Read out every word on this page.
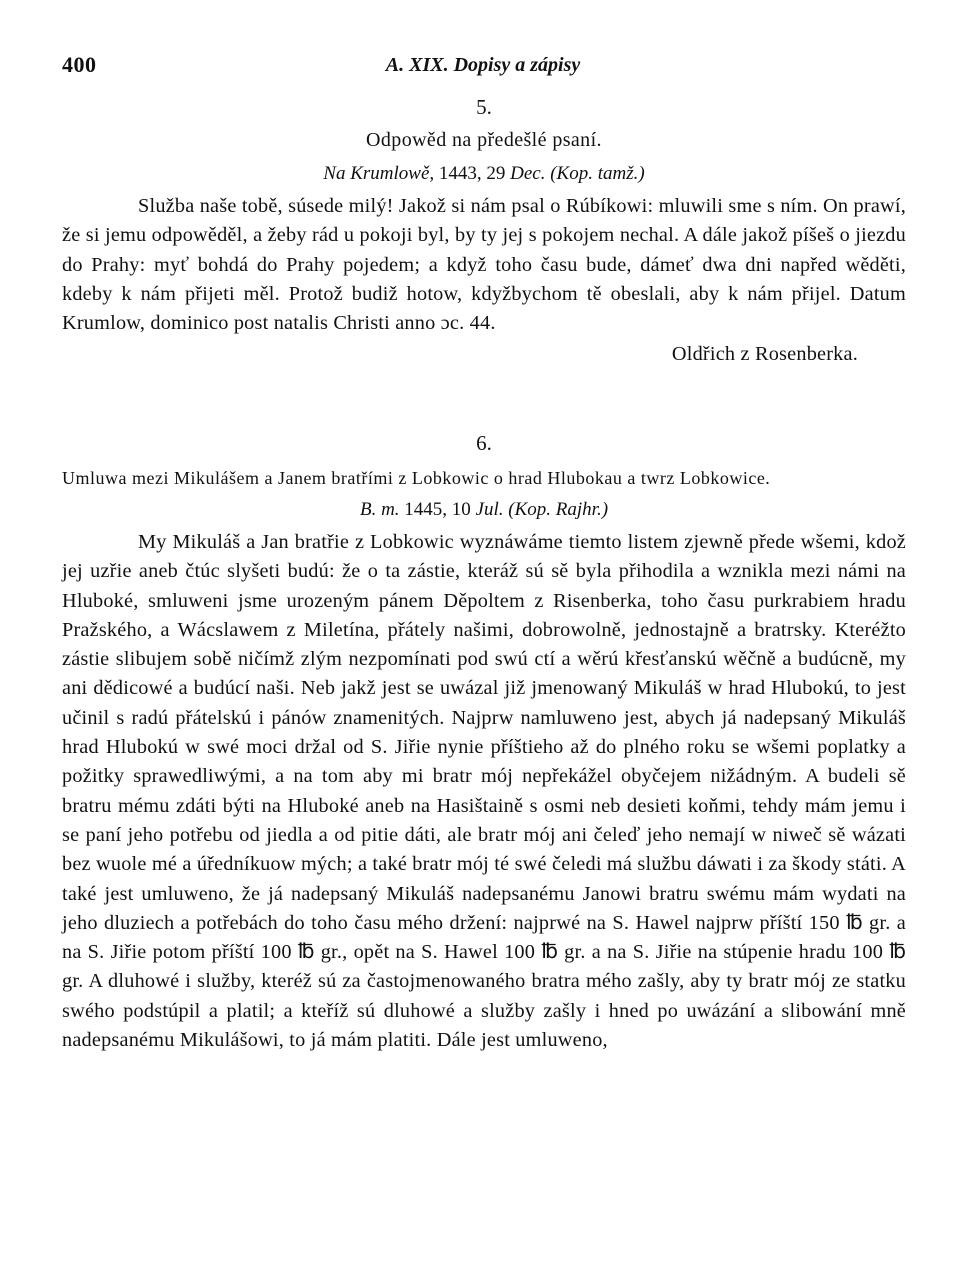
400	A. XIX. Dopisy a zápisy
5.
Odpowěd na předešlé psaní.
Na Krumlowě, 1443, 29 Dec. (Kop. tamž.)

Služba naše tobě, súsede milý! Jakož si nám psal o Rúbíkowi: mluwili sme s ním. On prawí, že si jemu odpowěděl, a žeby rád u pokoji byl, by ty jej s pokojem nechal. A dále jakož píšeš o jiezdu do Prahy: myť bohdá do Prahy pojedem; a když toho času bude, dámeť dwa dni napřed wěděti, kdeby k nám přijeti měl. Protož budiž hotow, kdyžbychom tě obeslali, aby k nám přijel. Datum Krumlow, dominico post natalis Christi anno ɔc. 44.

Oldřich z Rosenberka.
6.
Umluwa mezi Mikulášem a Janem bratřími z Lobkowic o hrad Hlubokau a twrz Lobkowice.
B. m. 1445, 10 Jul. (Kop. Rajhr.)

My Mikuláš a Jan bratřie z Lobkowic wyznáwáme tiemto listem zjewně přede wšemi, kdož jej uzřie aneb čtúc slyšeti budú: že o ta zástie, kteráž sú sě byla přihodila a wznikla mezi námi na Hluboké, smluweni jsme urozeným pánem Děpoltem z Risenberka, toho času purkrabiem hradu Pražského, a Wácslawem z Miletína, přátely našimi, dobrowolně, jednostajně a bratrsky. Kteréžto zástie slibujem sobě ničímž zlým nezpomínati pod swú ctí a wěrú křesťanskú wěčně a budúcně, my ani dědicowé a budúcí naši. Neb jakž jest se uwázal již jmenowaný Mikuláš w hrad Hlubokú, to jest učinil s radú přátelskú i pánów znamenitých. Najprw namluweno jest, abych já nadepsaný Mikuláš hrad Hlubokú w swé moci držal od S. Jiřie nynie příštieho až do plného roku se wšemi poplatky a požitky sprawedliwými, a na tom aby mi bratr mój nepřekážel obyčejem nižádným. A budeli sě bratru mému zdáti býti na Hluboké aneb na Hasištaině s osmi neb desieti koňmi, tehdy mám jemu i se paní jeho potřebu od jiedla a od pitie dáti, ale bratr mój ani čeleď jeho nemají w niweč sě wázati bez wuole mé a úředníkuow mých; a také bratr mój té swé čeledi má službu dáwati i za škody státi. A také jest umluweno, že já nadepsaný Mikuláš nadepsanému Janowi bratru swému mám wydati na jeho dluziech a potřebách do toho času mého držení: najprwé na S. Hawel najprw příští 150 ℔ gr. a na S. Jiřie potom příští 100 ℔ gr., opět na S. Hawel 100 ℔ gr. a na S. Jiřie na stúpenie hradu 100 ℔ gr. A dluhowé i služby, kteréž sú za častojmenowaného bratra mého zašly, aby ty bratr mój ze statku swého podstúpil a platil; a kteříž sú dluhowé a služby zašly i hned po uwázání a slibowání mně nadepsanému Mikulášowi, to já mám platiti. Dále jest umluweno,
